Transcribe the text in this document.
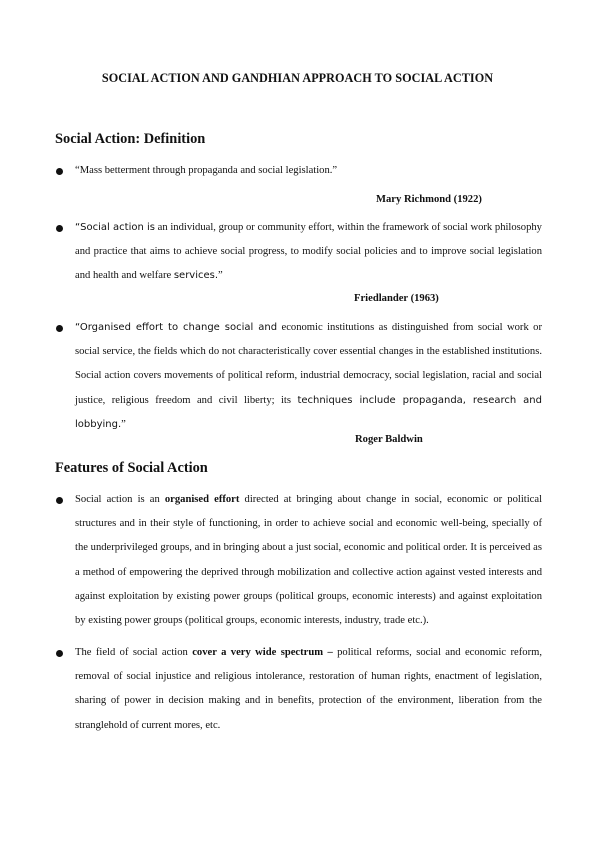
SOCIAL ACTION AND GANDHIAN APPROACH TO SOCIAL ACTION
Social Action: Definition

“Mass betterment through propaganda and social legislation.”

Mary Richmond (1922)

“Social action is an individual, group or community effort, within the framework of social work philosophy and practice that aims to achieve social progress, to modify social policies and to improve social legislation and health and welfare services.”

Friedlander (1963)

“Organised effort to change social and economic institutions as distinguished from social work or social service, the fields which do not characteristically cover essential changes in the established institutions. Social action covers movements of political reform, industrial democracy, social legislation, racial and social justice, religious freedom and civil liberty; its techniques include propaganda, research and lobbying.”

Roger Baldwin

Features of Social Action

Social action is an organised effort directed at bringing about change in social, economic or political structures and in their style of functioning, in order to achieve social and economic well-being, specially of the underprivileged groups, and in bringing about a just social, economic and political order. It is perceived as a method of empowering the deprived through mobilization and collective action against vested interests and against exploitation by existing power groups (political groups, economic interests) and against exploitation by existing power groups (political groups, economic interests, industry, trade etc.).

The field of social action cover a very wide spectrum – political reforms, social and economic reform, removal of social injustice and religious intolerance, restoration of human rights, enactment of legislation, sharing of power in decision making and in benefits, protection of the environment, liberation from the stranglehold of current mores, etc.
